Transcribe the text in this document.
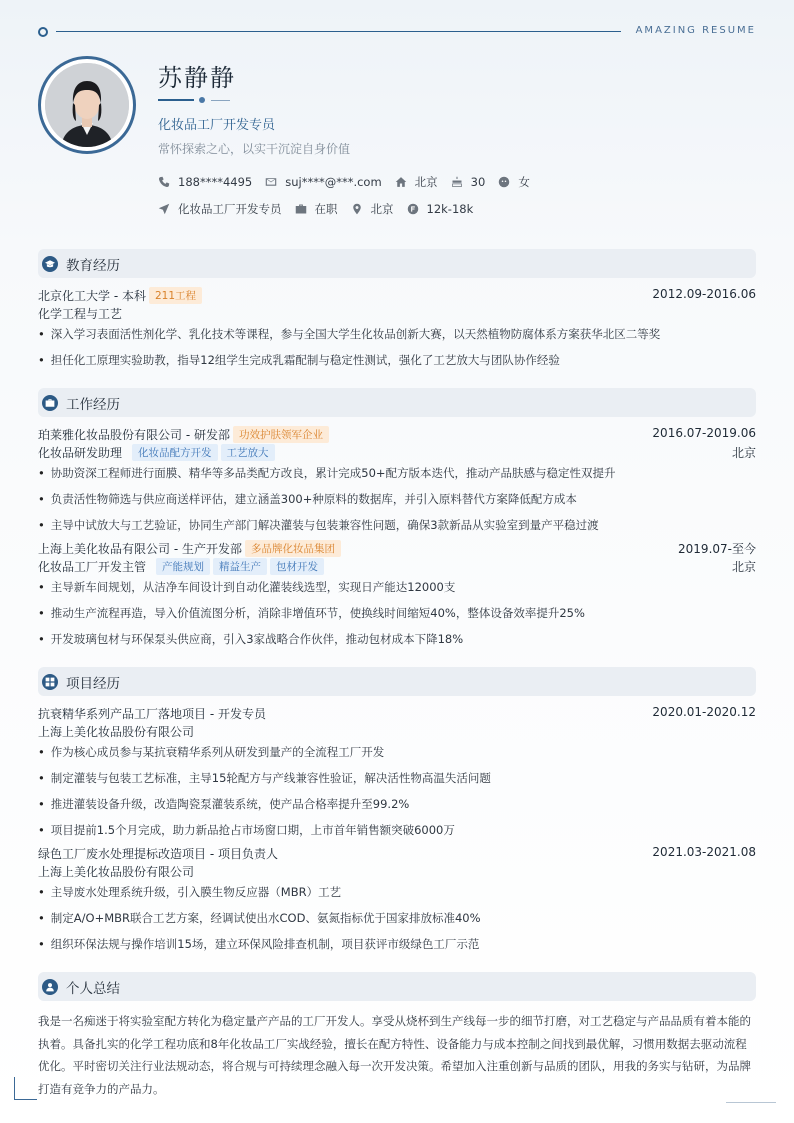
AMAZING RESUME
苏静静
化妆品工厂开发专员
常怀探索之心，以实干沉淀自身价值
188****4495	suj****@***.com	北京	30	女
化妆品工厂开发专员	在职	北京	12k-18k
教育经历
北京化工大学 - 本科 211工程	2012.09-2016.06
化学工程与工艺
• 深入学习表面活性剂化学、乳化技术等课程，参与全国大学生化妆品创新大赛，以天然植物防腐体系方案获华北区二等奖
• 担任化工原理实验助教，指导12组学生完成乳霜配制与稳定性测试，强化了工艺放大与团队协作经验
工作经历
珀莱雅化妆品股份有限公司 - 研发部 功效护肤领军企业	2016.07-2019.06
化妆品研发助理 化妆品配方开发 工艺放大	北京
• 协助资深工程师进行面膜、精华等多品类配方改良，累计完成50+配方版本迭代，推动产品肤感与稳定性双提升
• 负责活性物筛选与供应商送样评估，建立涵盖300+种原料的数据库，并引入原料替代方案降低配方成本
• 主导中试放大与工艺验证，协同生产部门解决灌装与包装兼容性问题，确保3款新品从实验室到量产平稳过渡
上海上美化妆品有限公司 - 生产开发部 多品牌化妆品集团	2019.07-至今
化妆品工厂开发主管 产能规划 精益生产 包材开发	北京
• 主导新车间规划，从洁净车间设计到自动化灌装线选型，实现日产能达12000支
• 推动生产流程再造，导入价值流图分析，消除非增值环节，使换线时间缩短40%，整体设备效率提升25%
• 开发玻璃包材与环保泵头供应商，引入3家战略合作伙伴，推动包材成本下降18%
项目经历
抗衰精华系列产品工厂落地项目 - 开发专员	2020.01-2020.12
上海上美化妆品股份有限公司
• 作为核心成员参与某抗衰精华系列从研发到量产的全流程工厂开发
• 制定灌装与包装工艺标准，主导15轮配方与产线兼容性验证，解决活性物高温失活问题
• 推进灌装设备升级，改造陶瓷泵灌装系统，使产品合格率提升至99.2%
• 项目提前1.5个月完成，助力新品抢占市场窗口期，上市首年销售额突破6000万
绿色工厂废水处理提标改造项目 - 项目负责人	2021.03-2021.08
上海上美化妆品股份有限公司
• 主导废水处理系统升级，引入膜生物反应器（MBR）工艺
• 制定A/O+MBR联合工艺方案，经调试使出水COD、氨氮指标优于国家排放标准40%
• 组织环保法规与操作培训15场，建立环保风险排查机制，项目获评市级绿色工厂示范
个人总结
我是一名痴迷于将实验室配方转化为稳定量产产品的工厂开发人。享受从烧杯到生产线每一步的细节打磨，对工艺稳定与产品品质有着本能的执着。具备扎实的化学工程功底和8年化妆品工厂实战经验，擅长在配方特性、设备能力与成本控制之间找到最优解，习惯用数据去驱动流程优化。平时密切关注行业法规动态，将合规与可持续理念融入每一次开发决策。希望加入注重创新与品质的团队，用我的务实与钻研，为品牌打造有竞争力的产品力。
